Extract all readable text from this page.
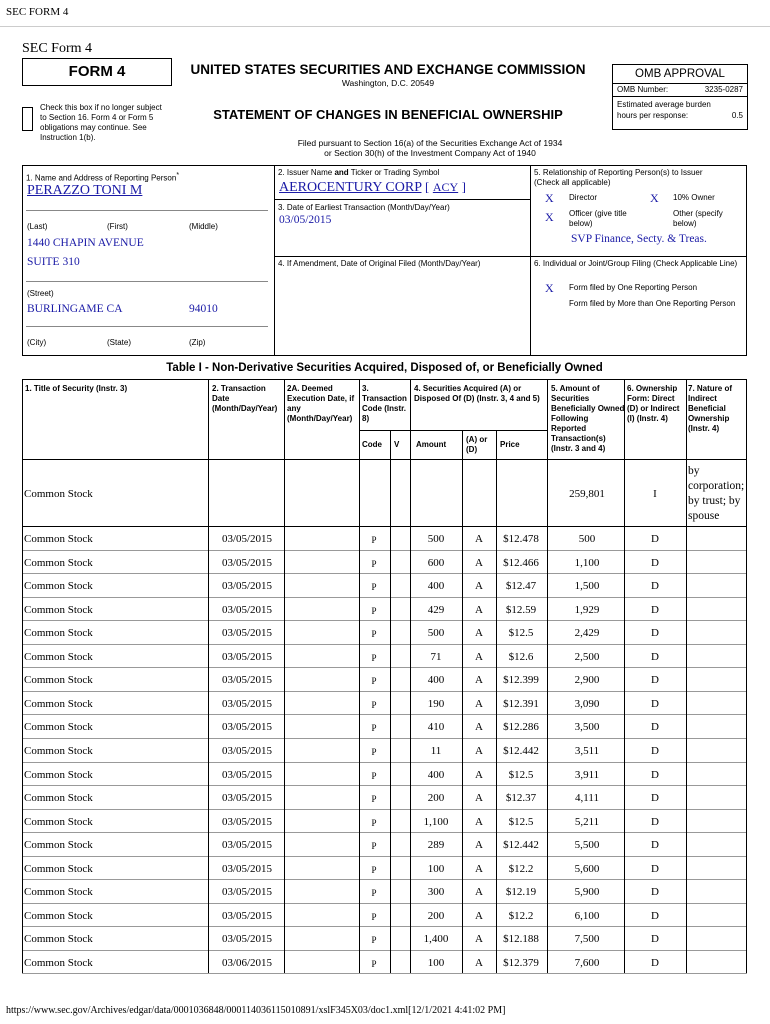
SEC FORM 4
SEC Form 4
FORM 4
Check this box if no longer subject to Section 16. Form 4 or Form 5 obligations may continue. See Instruction 1(b).
UNITED STATES SECURITIES AND EXCHANGE COMMISSION
Washington, D.C. 20549
STATEMENT OF CHANGES IN BENEFICIAL OWNERSHIP
OMB APPROVAL
OMB Number:	3235-0287
Estimated average burden
hours per response:	0.5
Filed pursuant to Section 16(a) of the Securities Exchange Act of 1934
or Section 30(h) of the Investment Company Act of 1940
1. Name and Address of Reporting Person*
PERAZZO TONI M
(Last)	(First)	(Middle)
1440 CHAPIN AVENUE
SUITE 310
(Street)
BURLINGAME CA	94010
(City)	(State)	(Zip)
2. Issuer Name and Ticker or Trading Symbol
AEROCENTURY CORP [ ACY ]
3. Date of Earliest Transaction (Month/Day/Year)
03/05/2015
4. If Amendment, Date of Original Filed (Month/Day/Year)
5. Relationship of Reporting Person(s) to Issuer
(Check all applicable)
X Director	X 10% Owner
X Officer (give title below)
Other (specify below)
SVP Finance, Secty. & Treas.
6. Individual or Joint/Group Filing (Check Applicable Line)
X Form filed by One Reporting Person
Form filed by More than One Reporting Person
Table I - Non-Derivative Securities Acquired, Disposed of, or Beneficially Owned
1. Title of Security (Instr. 3)	2. Transaction Date (Month/Day/Year)
2A. Deemed Execution Date, if any (Month/Day/Year)
3. Transaction Code (Instr. 8)
4. Securities Acquired (A) or Disposed Of (D) (Instr. 3, 4 and 5)
5. Amount of Securities Beneficially Owned Following Reported Transaction(s) (Instr. 3 and 4)
6. Ownership Form: Direct (D) or Indirect (I) (Instr. 4)
7. Nature of Indirect Beneficial Ownership (Instr. 4)
Code V Amount
(A) or (D)
Price
Common Stock	259,801	I
by corporation; by trust; by spouse
Common Stock	03/05/2015	P	500	A	$12.478	500	D
Common Stock	03/05/2015	P	600	A	$12.466	1,100	D
Common Stock	03/05/2015	P	400	A	$12.47	1,500	D
Common Stock	03/05/2015	P	429	A	$12.59	1,929	D
Common Stock	03/05/2015	P	500	A	$12.5	2,429	D
Common Stock	03/05/2015	P	71	A	$12.6	2,500	D
Common Stock	03/05/2015	P	400	A	$12.399	2,900	D
Common Stock	03/05/2015	P	190	A	$12.391	3,090	D
Common Stock	03/05/2015	P	410	A	$12.286	3,500	D
Common Stock	03/05/2015	P	11	A	$12.442	3,511	D
Common Stock	03/05/2015	P	400	A	$12.5	3,911	D
Common Stock	03/05/2015	P	200	A	$12.37	4,111	D
Common Stock	03/05/2015	P	1,100	A	$12.5	5,211	D
Common Stock	03/05/2015	P	289	A	$12.442	5,500	D
Common Stock	03/05/2015	P	100	A	$12.2	5,600	D
Common Stock	03/05/2015	P	300	A	$12.19	5,900	D
Common Stock	03/05/2015	P	200	A	$12.2	6,100	D
Common Stock	03/05/2015	P	1,400	A	$12.188	7,500	D
Common Stock	03/06/2015	P	100	A	$12.379	7,600	D
https://www.sec.gov/Archives/edgar/data/0001036848/000114036115010891/xslF345X03/doc1.xml[12/1/2021 4:41:02 PM]
